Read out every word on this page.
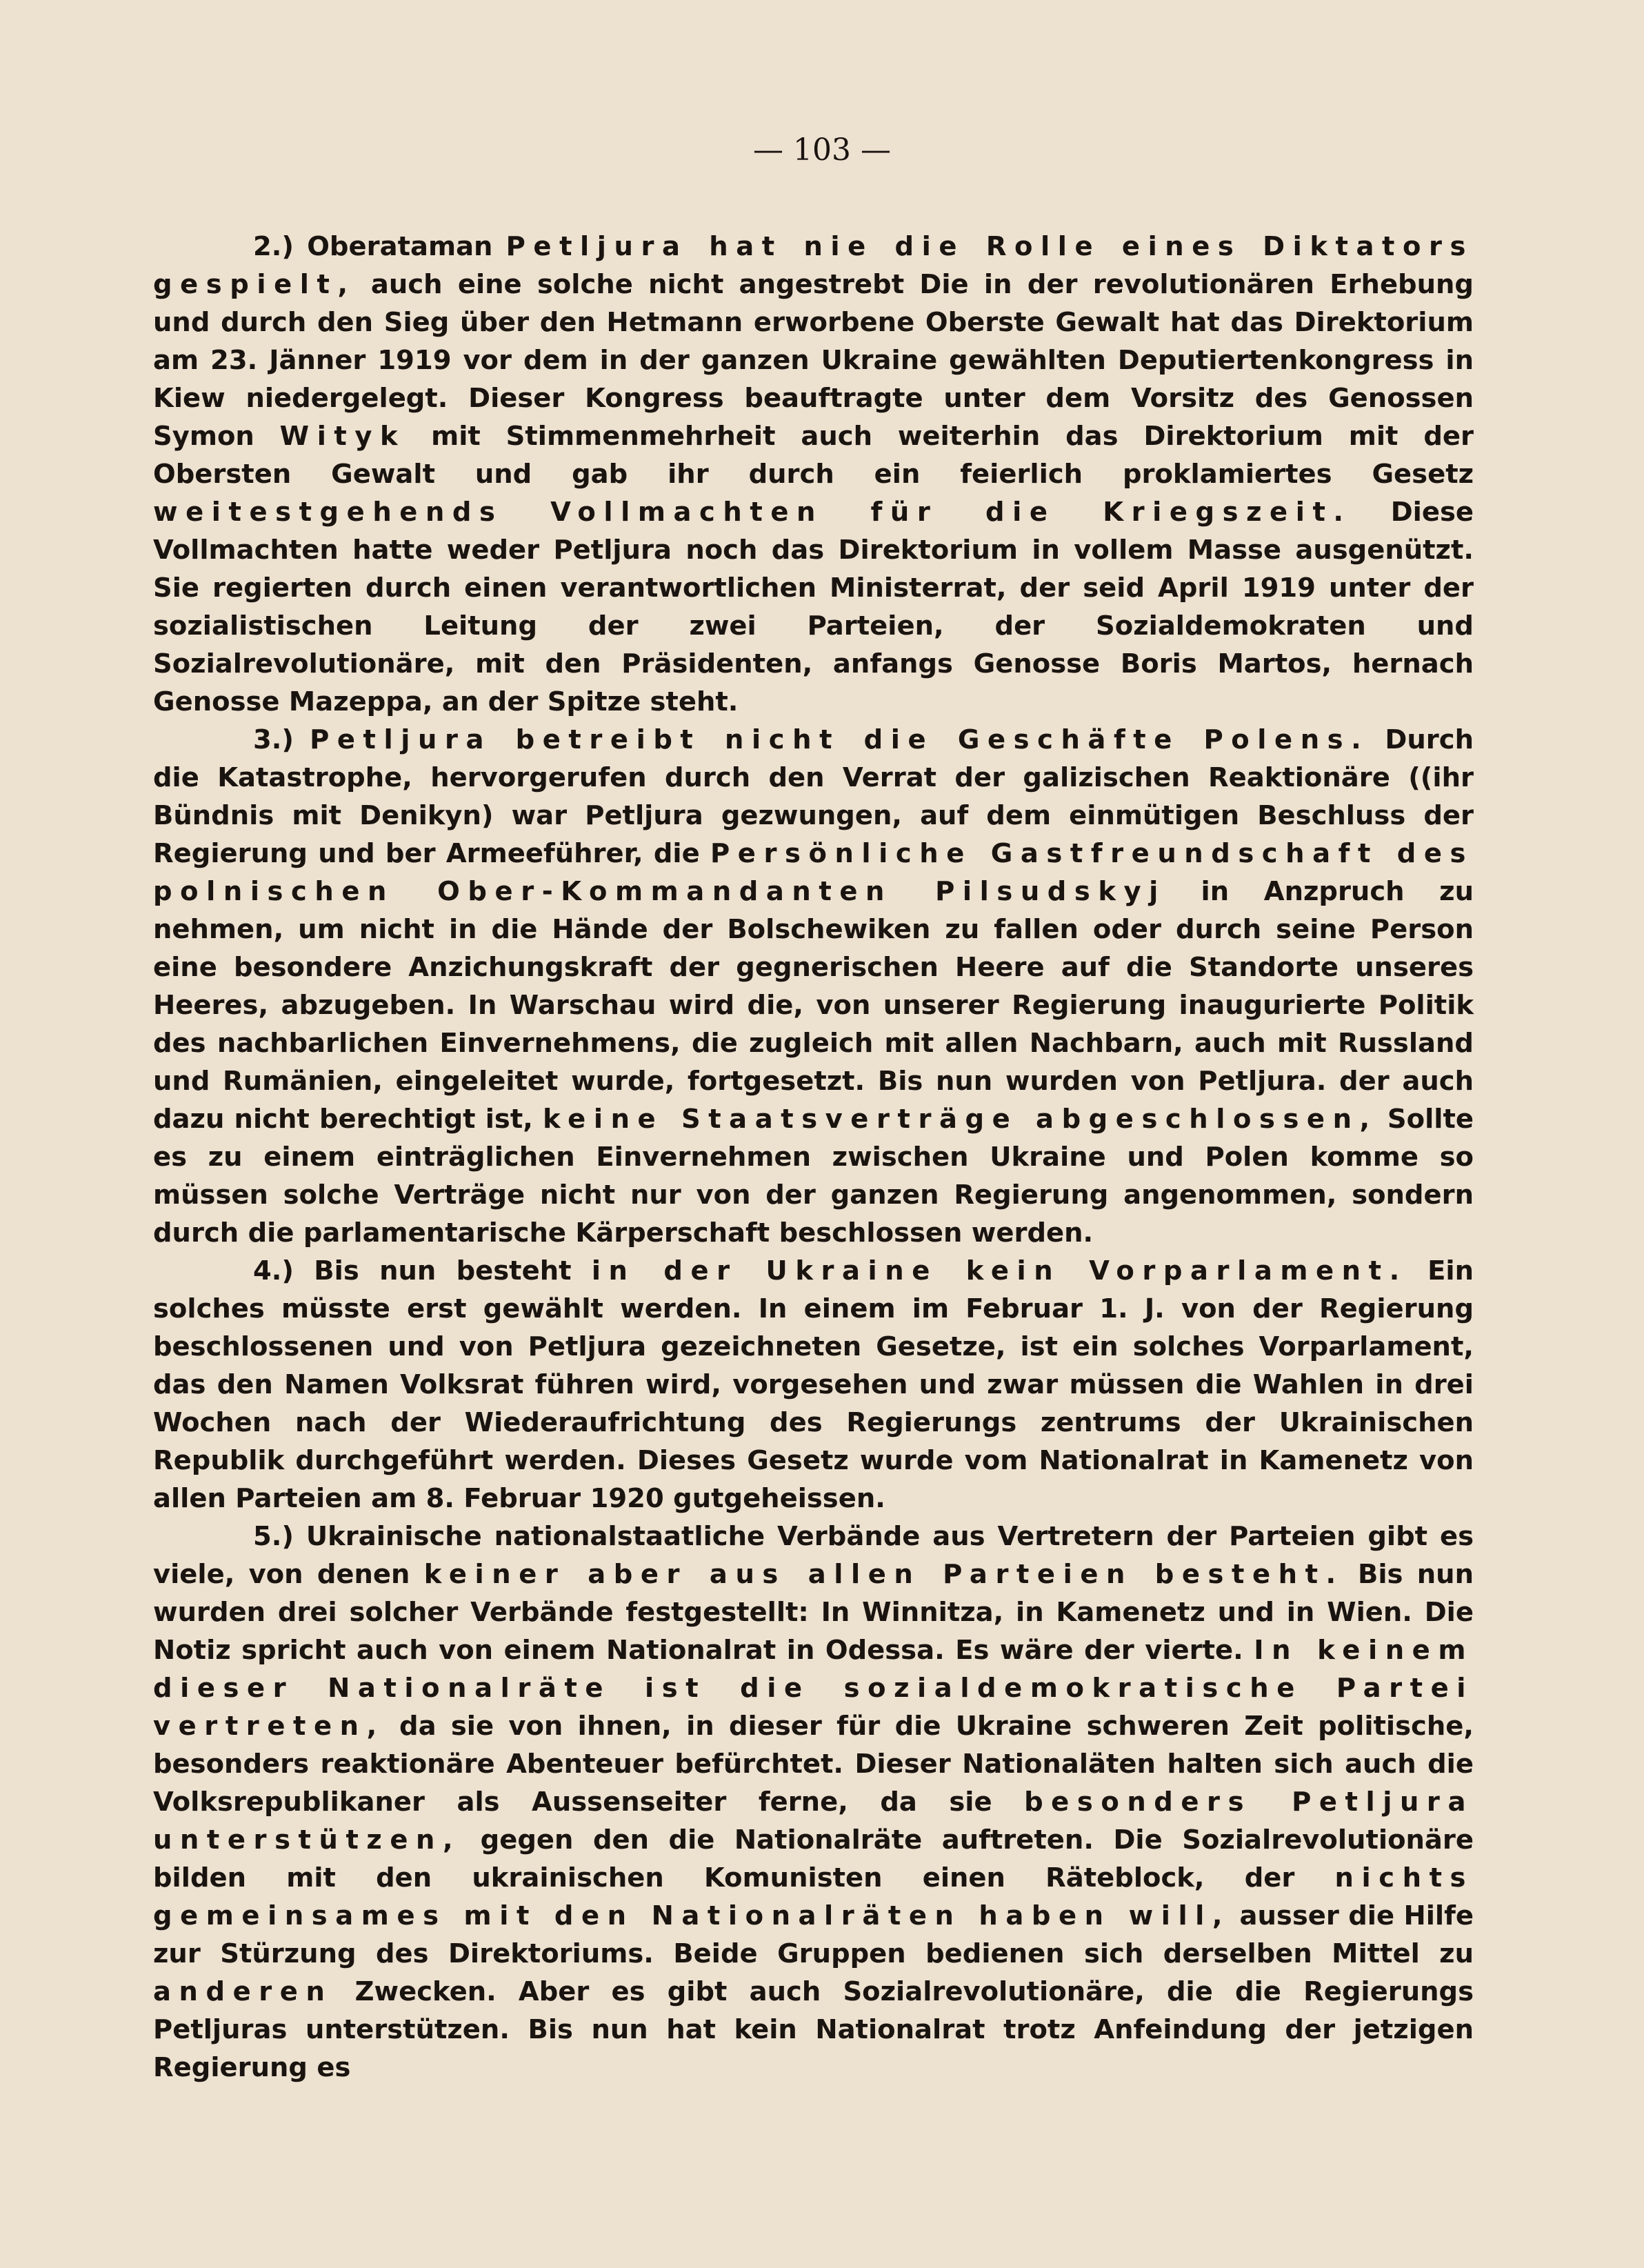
— 103 —

2.) Oberataman Petljura hat nie die Rolle eines Diktators gespielt, auch eine solche nicht angestrebt Die in der revolutionären Erhebung und durch den Sieg über den Hetmann erworbene Oberste Gewalt hat das Direktorium am 23. Jänner 1919 vor dem in der ganzen Ukraine gewählten Deputiertenkongress in Kiew niedergelegt. Dieser Kongress beauftragte unter dem Vorsitz des Genossen Symon Wityk mit Stimmenmehrheit auch weiterhin das Direktorium mit der Obersten Gewalt und gab ihr durch ein feierlich proklamiertes Gesetz weitestgehends Vollmachten für die Kriegszeit. Diese Vollmachten hatte weder Petljura noch das Direktorium in vollem Masse ausgenützt. Sie regierten durch einen verantwortlichen Ministerrat, der seid April 1919 unter der sozialistischen Leitung der zwei Parteien, der Sozialdemokraten und Sozialrevolutionäre, mit den Präsidenten, anfangs Genosse Boris Martos, hernach Genosse Mazeppa, an der Spitze steht.

3.) Petljura betreibt nicht die Geschäfte Polens. Durch die Katastrophe, hervorgerufen durch den Verrat der galizischen Reaktionäre ((ihr Bündnis mit Denikyn) war Petljura gezwungen, auf dem einmütigen Beschluss der Regierung und ber Armeeführer, die Persönliche Gastfreundschaft des polnischen Ober-Kommandanten Pilsudskyj in Anzpruch zu nehmen, um nicht in die Hände der Bolschewiken zu fallen oder durch seine Person eine besondere Anzichungskraft der gegnerischen Heere auf die Standorte unseres Heeres, abzugeben. In Warschau wird die, von unserer Regierung inaugurierte Politik des nachbarlichen Einvernehmens, die zugleich mit allen Nachbarn, auch mit Russland und Rumänien, eingeleitet wurde, fortgesetzt. Bis nun wurden von Petljura. der auch dazu nicht berechtigt ist, keine Staatsverträge abgeschlossen, Sollte es zu einem einträglichen Einvernehmen zwischen Ukraine und Polen komme so müssen solche Verträge nicht nur von der ganzen Regierung angenommen, sondern durch die parlamentarische Kärperschaft beschlossen werden.

4.) Bis nun besteht in der Ukraine kein Vorparlament. Ein solches müsste erst gewählt werden. In einem im Februar 1. J. von der Regierung beschlossenen und von Petljura gezeichneten Gesetze, ist ein solches Vorparlament, das den Namen Volksrat führen wird, vorgesehen und zwar müssen die Wahlen in drei Wochen nach der Wiederaufrichtung des Regierungs zentrums der Ukrainischen Republik durchgeführt werden. Dieses Gesetz wurde vom Nationalrat in Kamenetz von allen Parteien am 8. Februar 1920 gutgeheissen.

5.) Ukrainische nationalstaatliche Verbände aus Vertretern der Parteien gibt es viele, von denen keiner aber aus allen Parteien besteht. Bis nun wurden drei solcher Verbände festgestellt: In Winnitza, in Kamenetz und in Wien. Die Notiz spricht auch von einem Nationalrat in Odessa. Es wäre der vierte. In keinem dieser Nationalräte ist die sozialdemokratische Partei vertreten, da sie von ihnen, in dieser für die Ukraine schweren Zeit politische, besonders reaktionäre Abenteuer befürchtet. Dieser Nationaläten halten sich auch die Volksrepublikaner als Aussenseiter ferne, da sie besonders Petljura unterstützen, gegen den die Nationalräte auftreten. Die Sozialrevolutionäre bilden mit den ukrainischen Komunisten einen Räteblock, der nichts gemeinsames mit den Nationalräten haben will, ausser die Hilfe zur Stürzung des Direktoriums. Beide Gruppen bedienen sich derselben Mittel zu anderen Zwecken. Aber es gibt auch Sozialrevolutionäre, die die Regierungs Petljuras unterstützen. Bis nun hat kein Nationalrat trotz Anfeindung der jetzigen Regierung es
